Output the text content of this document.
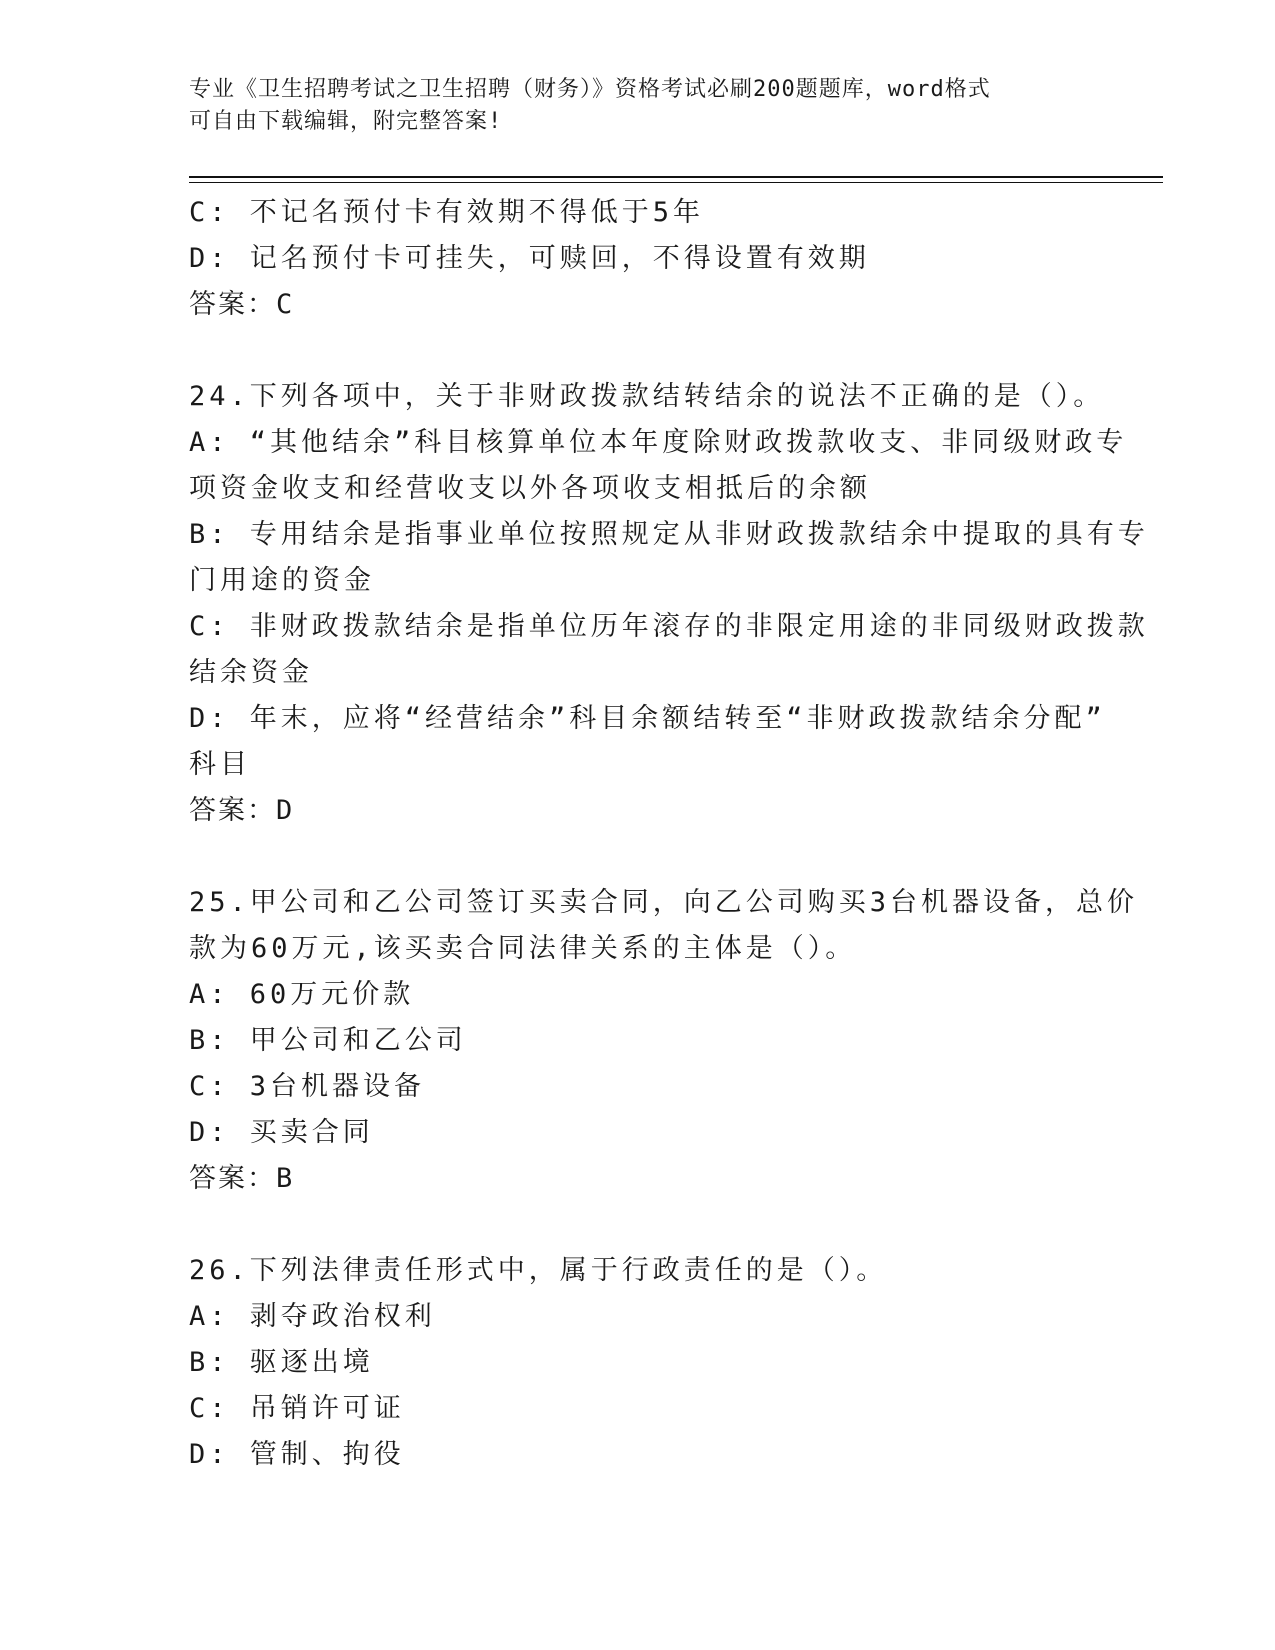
专业《卫生招聘考试之卫生招聘（财务）》资格考试必刷200题题库，word格式
可自由下载编辑，附完整答案!
C: 不记名预付卡有效期不得低于5年
D: 记名预付卡可挂失，可赎回，不得设置有效期
答案：C
24.下列各项中，关于非财政拨款结转结余的说法不正确的是（）。
A: “其他结余”科目核算单位本年度除财政拨款收支、非同级财政专
项资金收支和经营收支以外各项收支相抵后的余额
B: 专用结余是指事业单位按照规定从非财政拨款结余中提取的具有专
门用途的资金
C: 非财政拨款结余是指单位历年滚存的非限定用途的非同级财政拨款
结余资金
D: 年末，应将“经营结余”科目余额结转至“非财政拨款结余分配”
科目
答案：D
25.甲公司和乙公司签订买卖合同，向乙公司购买3台机器设备，总价
款为60万元,该买卖合同法律关系的主体是（）。
A: 60万元价款
B: 甲公司和乙公司
C: 3台机器设备
D: 买卖合同
答案：B
26.下列法律责任形式中，属于行政责任的是（）。
A: 剥夺政治权利
B: 驱逐出境
C: 吊销许可证
D: 管制、拘役
